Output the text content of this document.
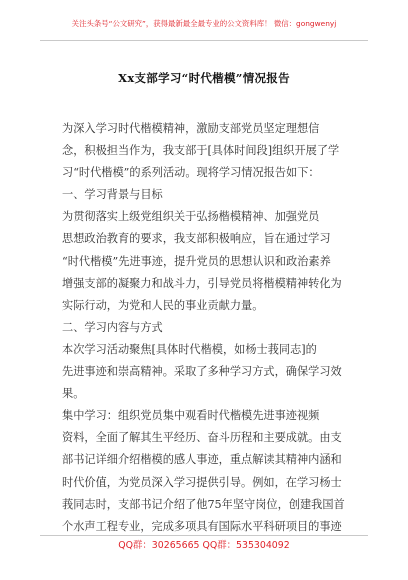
关注头条号“公文研究”，获得最新最全最专业的公文资料库！ 微信：gongwenyj
Xx支部学习“时代楷模”情况报告
为深入学习时代楷模精神，激励支部党员坚定理想信
念，积极担当作为，我支部于[具体时间段]组织开展了学
习“时代楷模”的系列活动。现将学习情况报告如下：
一、学习背景与目标
为贯彻落实上级党组织关于弘扬楷模精神、加强党员
思想政治教育的要求，我支部积极响应，旨在通过学习
“时代楷模”先进事迹，提升党员的思想认识和政治素养
增强支部的凝聚力和战斗力，引导党员将楷模精神转化为
实际行动，为党和人民的事业贡献力量。
二、学习内容与方式
本次学习活动聚焦[具体时代楷模，如杨士莪同志]的
先进事迹和崇高精神。采取了多种学习方式，确保学习效
果。
集中学习：组织党员集中观看时代楷模先进事迹视频
资料，全面了解其生平经历、奋斗历程和主要成就。由支
部书记详细介绍楷模的感人事迹，重点解读其精神内涵和
时代价值，为党员深入学习提供引导。例如，在学习杨士
莪同志时，支部书记介绍了他75年坚守岗位，创建我国首
个水声工程专业，完成多项具有国际水平科研项目的事迹
QQ群：30265665 QQ群：535304092
